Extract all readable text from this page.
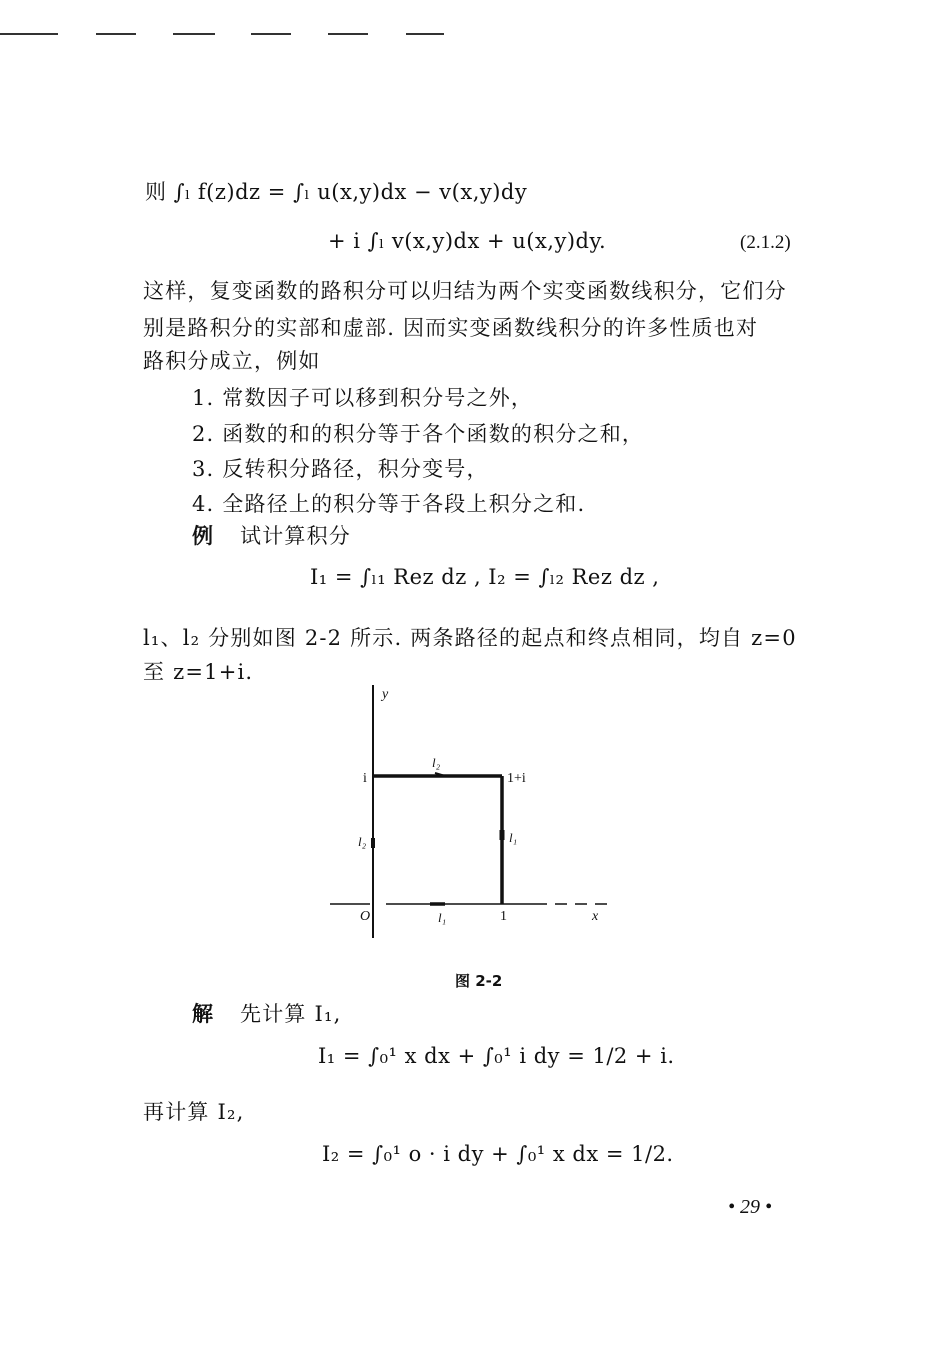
则 ∫ₗ f(z)dz = ∫ₗ u(x,y)dx − v(x,y)dy
+ i ∫ₗ v(x,y)dx + u(x,y)dy.	(2.1.2)
这样，复变函数的路积分可以归结为两个实变函数线积分，它们分
别是路积分的实部和虚部. 因而实变函数线积分的许多性质也对
路积分成立，例如
1. 常数因子可以移到积分号之外，
2. 函数的和的积分等于各个函数的积分之和，
3. 反转积分路径，积分变号，
4. 全路径上的积分等于各段上积分之和.
例 试计算积分
I₁ = ∫ₗ₁ Rez dz , I₂ = ∫ₗ₂ Rez dz ,
l₁、l₂ 分别如图 2-2 所示. 两条路径的起点和终点相同，均自 z=0
至 z=1+i.
y
i	1+i
l₂
l₂	l₁
O	l₁	1	x
图 2-2
解 先计算 I₁,
I₁ = ∫₀¹ x dx + ∫₀¹ i dy = 1/2 + i.
再计算 I₂,
I₂ = ∫₀¹ o · i dy + ∫₀¹ x dx = 1/2.
• 29 •
